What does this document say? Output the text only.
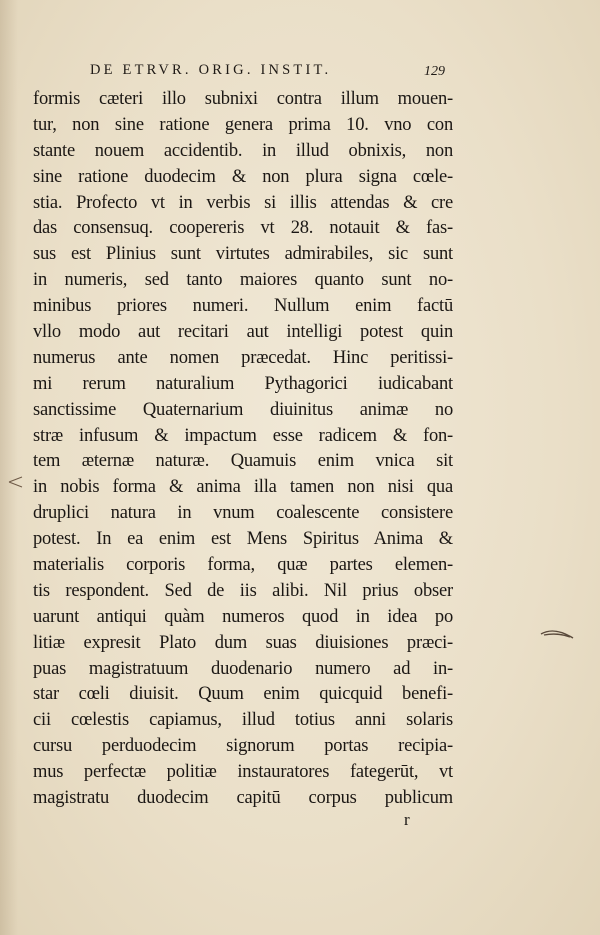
DE ETRVR. ORIG. INSTIT.	129
formis cæteri illo subnixi contra illum mouen-
tur, non sine ratione genera prima 10. vno con
stante nouem accidentib. in illud obnixis, non
sine ratione duodecim & non plura signa cœle-
stia. Profecto vt in verbis si illis attendas & cre
das consensuq. coopereris vt 28. notauit & fas-
sus est Plinius sunt virtutes admirabiles, sic sunt
in numeris, sed tanto maiores quanto sunt no-
minibus priores numeri. Nullum enim factū
vllo modo aut recitari aut intelligi potest quin
numerus ante nomen præcedat. Hinc peritissi-
mi rerum naturalium Pythagorici iudicabant
sanctissime Quaternarium diuinitus animæ no
stræ infusum & impactum esse radicem & fon-
tem æternæ naturæ. Quamuis enim vnica sit
in nobis forma & anima illa tamen non nisi qua
druplici natura in vnum coalescente consistere
potest. In ea enim est Mens Spiritus Anima &
materialis corporis forma, quæ partes elemen-
tis respondent. Sed de iis alibi. Nil prius obser
uarunt antiqui quàm numeros quod in idea po
litiæ expresit Plato dum suas diuisiones præci-
puas magistratuum duodenario numero ad in-
star cœli diuisit. Quum enim quicquid benefi-
cii cœlestis capiamus, illud totius anni solaris
cursu perduodecim signorum portas recipia-
mus perfectæ politiæ instauratores fategerūt, vt
magistratu duodecim capitū corpus publicum
r
